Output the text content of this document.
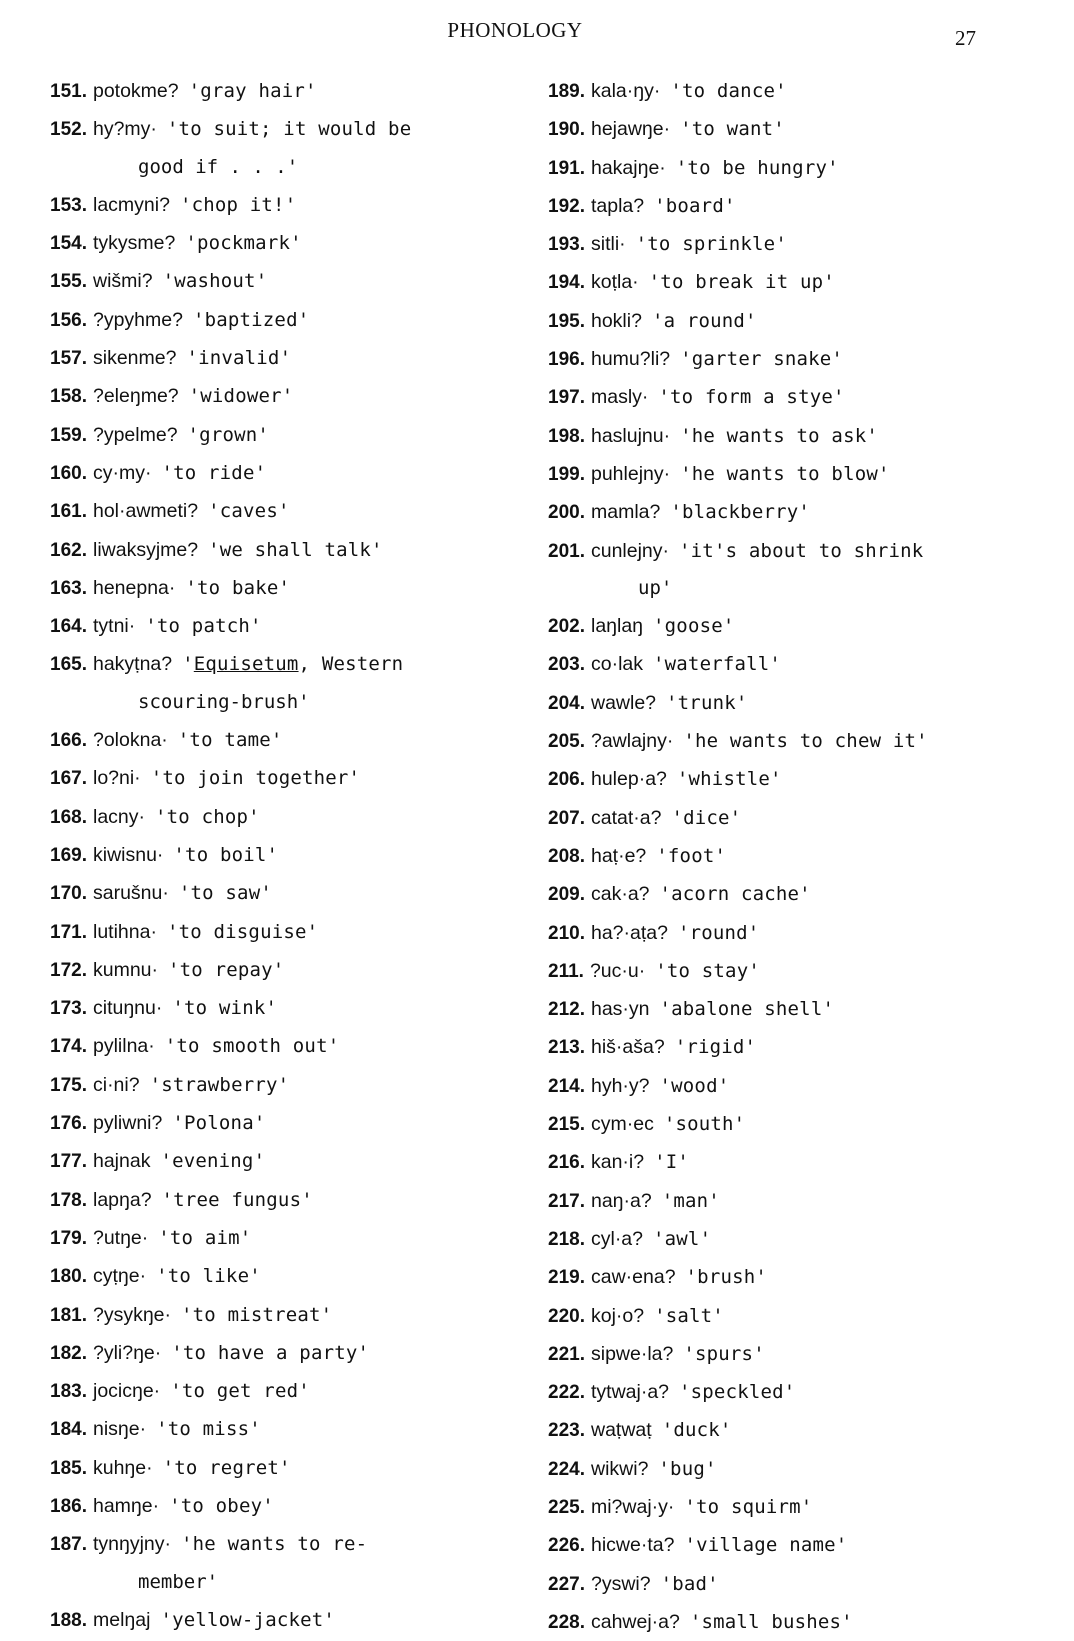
PHONOLOGY	27
151. potokme? 'gray hair'
152. hy?my· 'to suit; it would be
good if . . .'
153. lacmyni? 'chop it!'
154. tykysme? 'pockmark'
155. wišmi? 'washout'
156. ?ypyhme? 'baptized'
157. sikenme? 'invalid'
158. ?eleŋme? 'widower'
159. ?ypelme? 'grown'
160. cy·my· 'to ride'
161. hol·awmeti? 'caves'
162. liwaksyjme? 'we shall talk'
163. henepna· 'to bake'
164. tytni· 'to patch'
165. hakyṭna? 'Equisetum, Western
scouring-brush'
166. ?olokna· 'to tame'
167. lo?ni· 'to join together'
168. lacny· 'to chop'
169. kiwisnu· 'to boil'
170. sarušnu· 'to saw'
171. lutihna· 'to disguise'
172. kumnu· 'to repay'
173. cituŋnu· 'to wink'
174. pylilna· 'to smooth out'
175. ci·ni? 'strawberry'
176. pyliwni? 'Polona'
177. hajnak 'evening'
178. lapŋa? 'tree fungus'
179. ?utŋe· 'to aim'
180. cyṭŋe· 'to like'
181. ?ysykŋe· 'to mistreat'
182. ?yli?ŋe· 'to have a party'
183. jocicŋe· 'to get red'
184. nisŋe· 'to miss'
185. kuhŋe· 'to regret'
186. hamŋe· 'to obey'
187. tynŋyjny· 'he wants to re-
member'
188. melŋaj 'yellow-jacket'
189. kala·ŋy· 'to dance'
190. hejawŋe· 'to want'
191. hakajŋe· 'to be hungry'
192. tapla? 'board'
193. sitli· 'to sprinkle'
194. koṭla· 'to break it up'
195. hokli? 'a round'
196. humu?li? 'garter snake'
197. masly· 'to form a stye'
198. haslujnu· 'he wants to ask'
199. puhlejny· 'he wants to blow'
200. mamla? 'blackberry'
201. cunlejny· 'it's about to shrink
up'
202. laŋlaŋ 'goose'
203. co·lak 'waterfall'
204. wawle? 'trunk'
205. ?awlajny· 'he wants to chew it'
206. hulep·a? 'whistle'
207. catat·a? 'dice'
208. haṭ·e? 'foot'
209. cak·a? 'acorn cache'
210. ha?·aṭa? 'round'
211. ?uc·u· 'to stay'
212. has·yn 'abalone shell'
213. hiš·aša? 'rigid'
214. hyh·y? 'wood'
215. cym·ec 'south'
216. kan·i? 'I'
217. naŋ·a? 'man'
218. cyl·a? 'awl'
219. caw·ena? 'brush'
220. koj·o? 'salt'
221. sipwe·la? 'spurs'
222. tytwaj·a? 'speckled'
223. waṭwaṭ 'duck'
224. wikwi? 'bug'
225. mi?waj·y· 'to squirm'
226. hicwe·ta? 'village name'
227. ?yswi? 'bad'
228. cahwej·a? 'small bushes'
